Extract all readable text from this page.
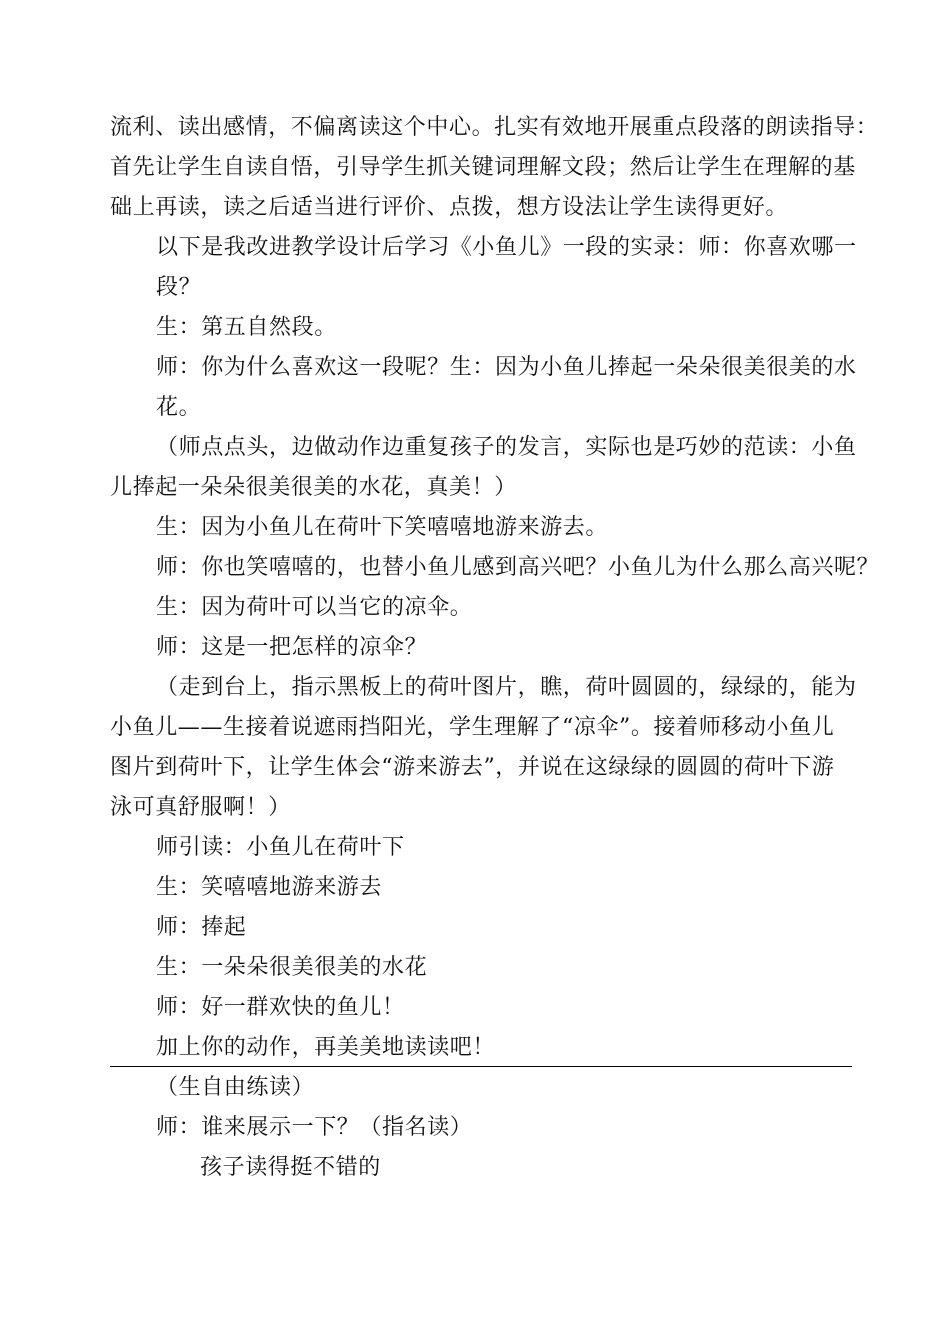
流利、读出感情，不偏离读这个中心。扎实有效地开展重点段落的朗读指导：
首先让学生自读自悟，引导学生抓关键词理解文段；然后让学生在理解的基
础上再读，读之后适当进行评价、点拨，想方设法让学生读得更好。
以下是我改进教学设计后学习《小鱼儿》一段的实录：师：你喜欢哪一
段？
生：第五自然段。
师：你为什么喜欢这一段呢？生：因为小鱼儿捧起一朵朵很美很美的水
花。
（师点点头，边做动作边重复孩子的发言，实际也是巧妙的范读：小鱼
儿捧起一朵朵很美很美的水花，真美！）
生：因为小鱼儿在荷叶下笑嘻嘻地游来游去。
师：你也笑嘻嘻的，也替小鱼儿感到高兴吧？小鱼儿为什么那么高兴呢？
生：因为荷叶可以当它的凉伞。
师：这是一把怎样的凉伞？
（走到台上，指示黑板上的荷叶图片，瞧，荷叶圆圆的，绿绿的，能为
小鱼儿——生接着说遮雨挡阳光，学生理解了“凉伞”。接着师移动小鱼儿
图片到荷叶下，让学生体会“游来游去”，并说在这绿绿的圆圆的荷叶下游
泳可真舒服啊！）
师引读：小鱼儿在荷叶下
生：笑嘻嘻地游来游去
师：捧起
生：一朵朵很美很美的水花
师：好一群欢快的鱼儿！
加上你的动作，再美美地读读吧！
（生自由练读）
师：谁来展示一下？（指名读）
孩子读得挺不错的
